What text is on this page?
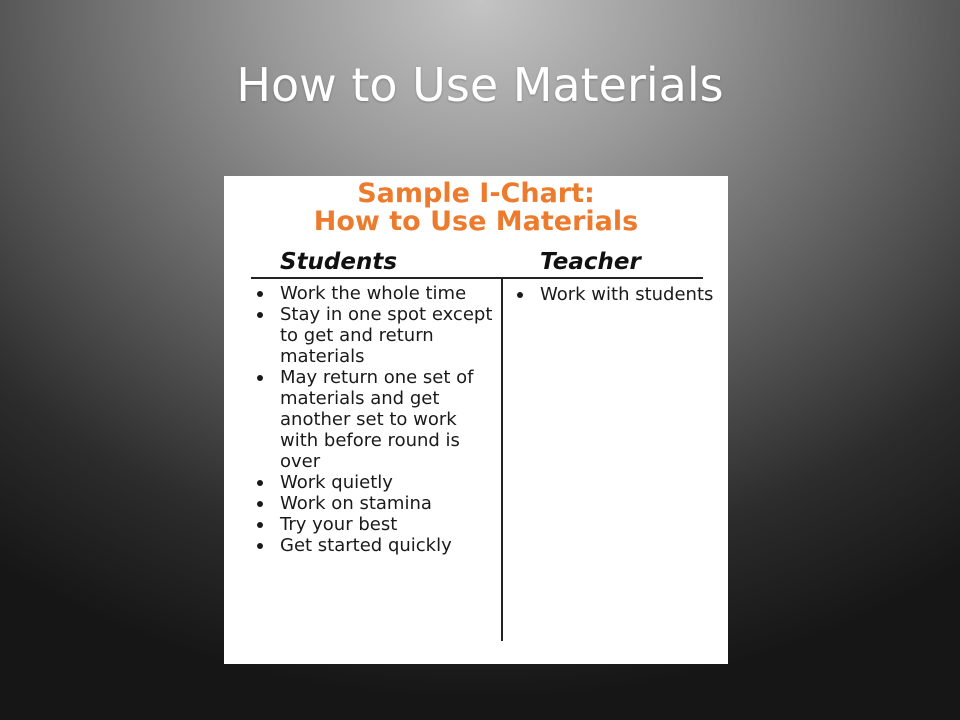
How to Use Materials
Sample I-Chart:
How to Use Materials
Students	Teacher
Work the whole time
Stay in one spot except to get and return materials
May return one set of materials and get another set to work with before round is over
Work quietly
Work on stamina
Try your best
Get started quickly
Work with students
